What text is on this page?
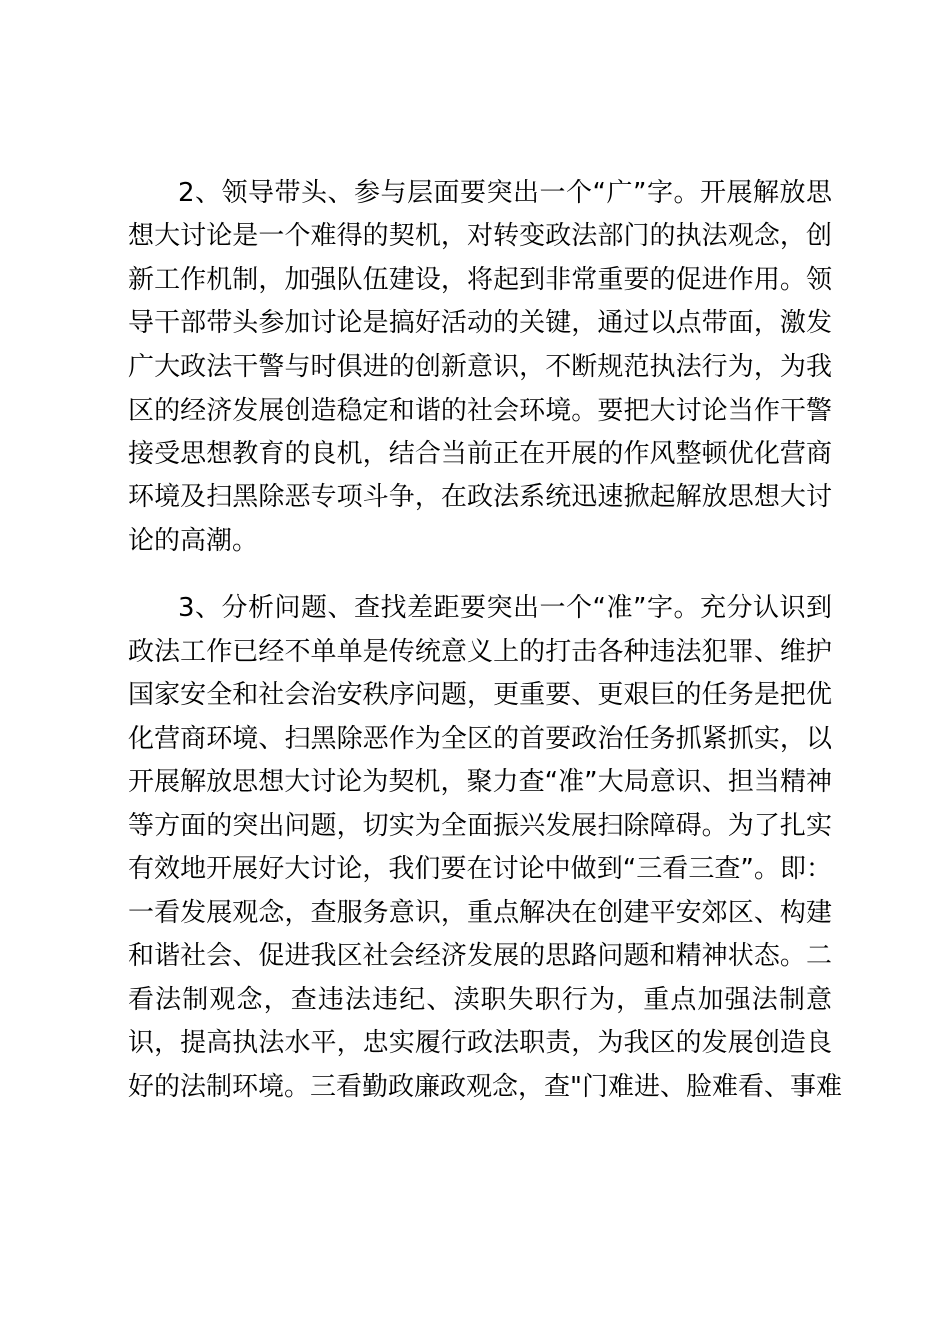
2、领导带头、参与层面要突出一个“广”字。开展解放思
想大讨论是一个难得的契机，对转变政法部门的执法观念，创
新工作机制，加强队伍建设，将起到非常重要的促进作用。领
导干部带头参加讨论是搞好活动的关键，通过以点带面，激发
广大政法干警与时俱进的创新意识，不断规范执法行为，为我
区的经济发展创造稳定和谐的社会环境。要把大讨论当作干警
接受思想教育的良机，结合当前正在开展的作风整顿优化营商
环境及扫黑除恶专项斗争，在政法系统迅速掀起解放思想大讨
论的高潮。
3、分析问题、查找差距要突出一个“准”字。充分认识到
政法工作已经不单单是传统意义上的打击各种违法犯罪、维护
国家安全和社会治安秩序问题，更重要、更艰巨的任务是把优
化营商环境、扫黑除恶作为全区的首要政治任务抓紧抓实，以
开展解放思想大讨论为契机，聚力查“准”大局意识、担当精神
等方面的突出问题，切实为全面振兴发展扫除障碍。为了扎实
有效地开展好大讨论，我们要在讨论中做到“三看三查”。即：
一看发展观念，查服务意识，重点解决在创建平安郊区、构建
和谐社会、促进我区社会经济发展的思路问题和精神状态。二
看法制观念，查违法违纪、渎职失职行为，重点加强法制意
识，提高执法水平，忠实履行政法职责，为我区的发展创造良
好的法制环境。三看勤政廉政观念，查"门难进、脸难看、事难
